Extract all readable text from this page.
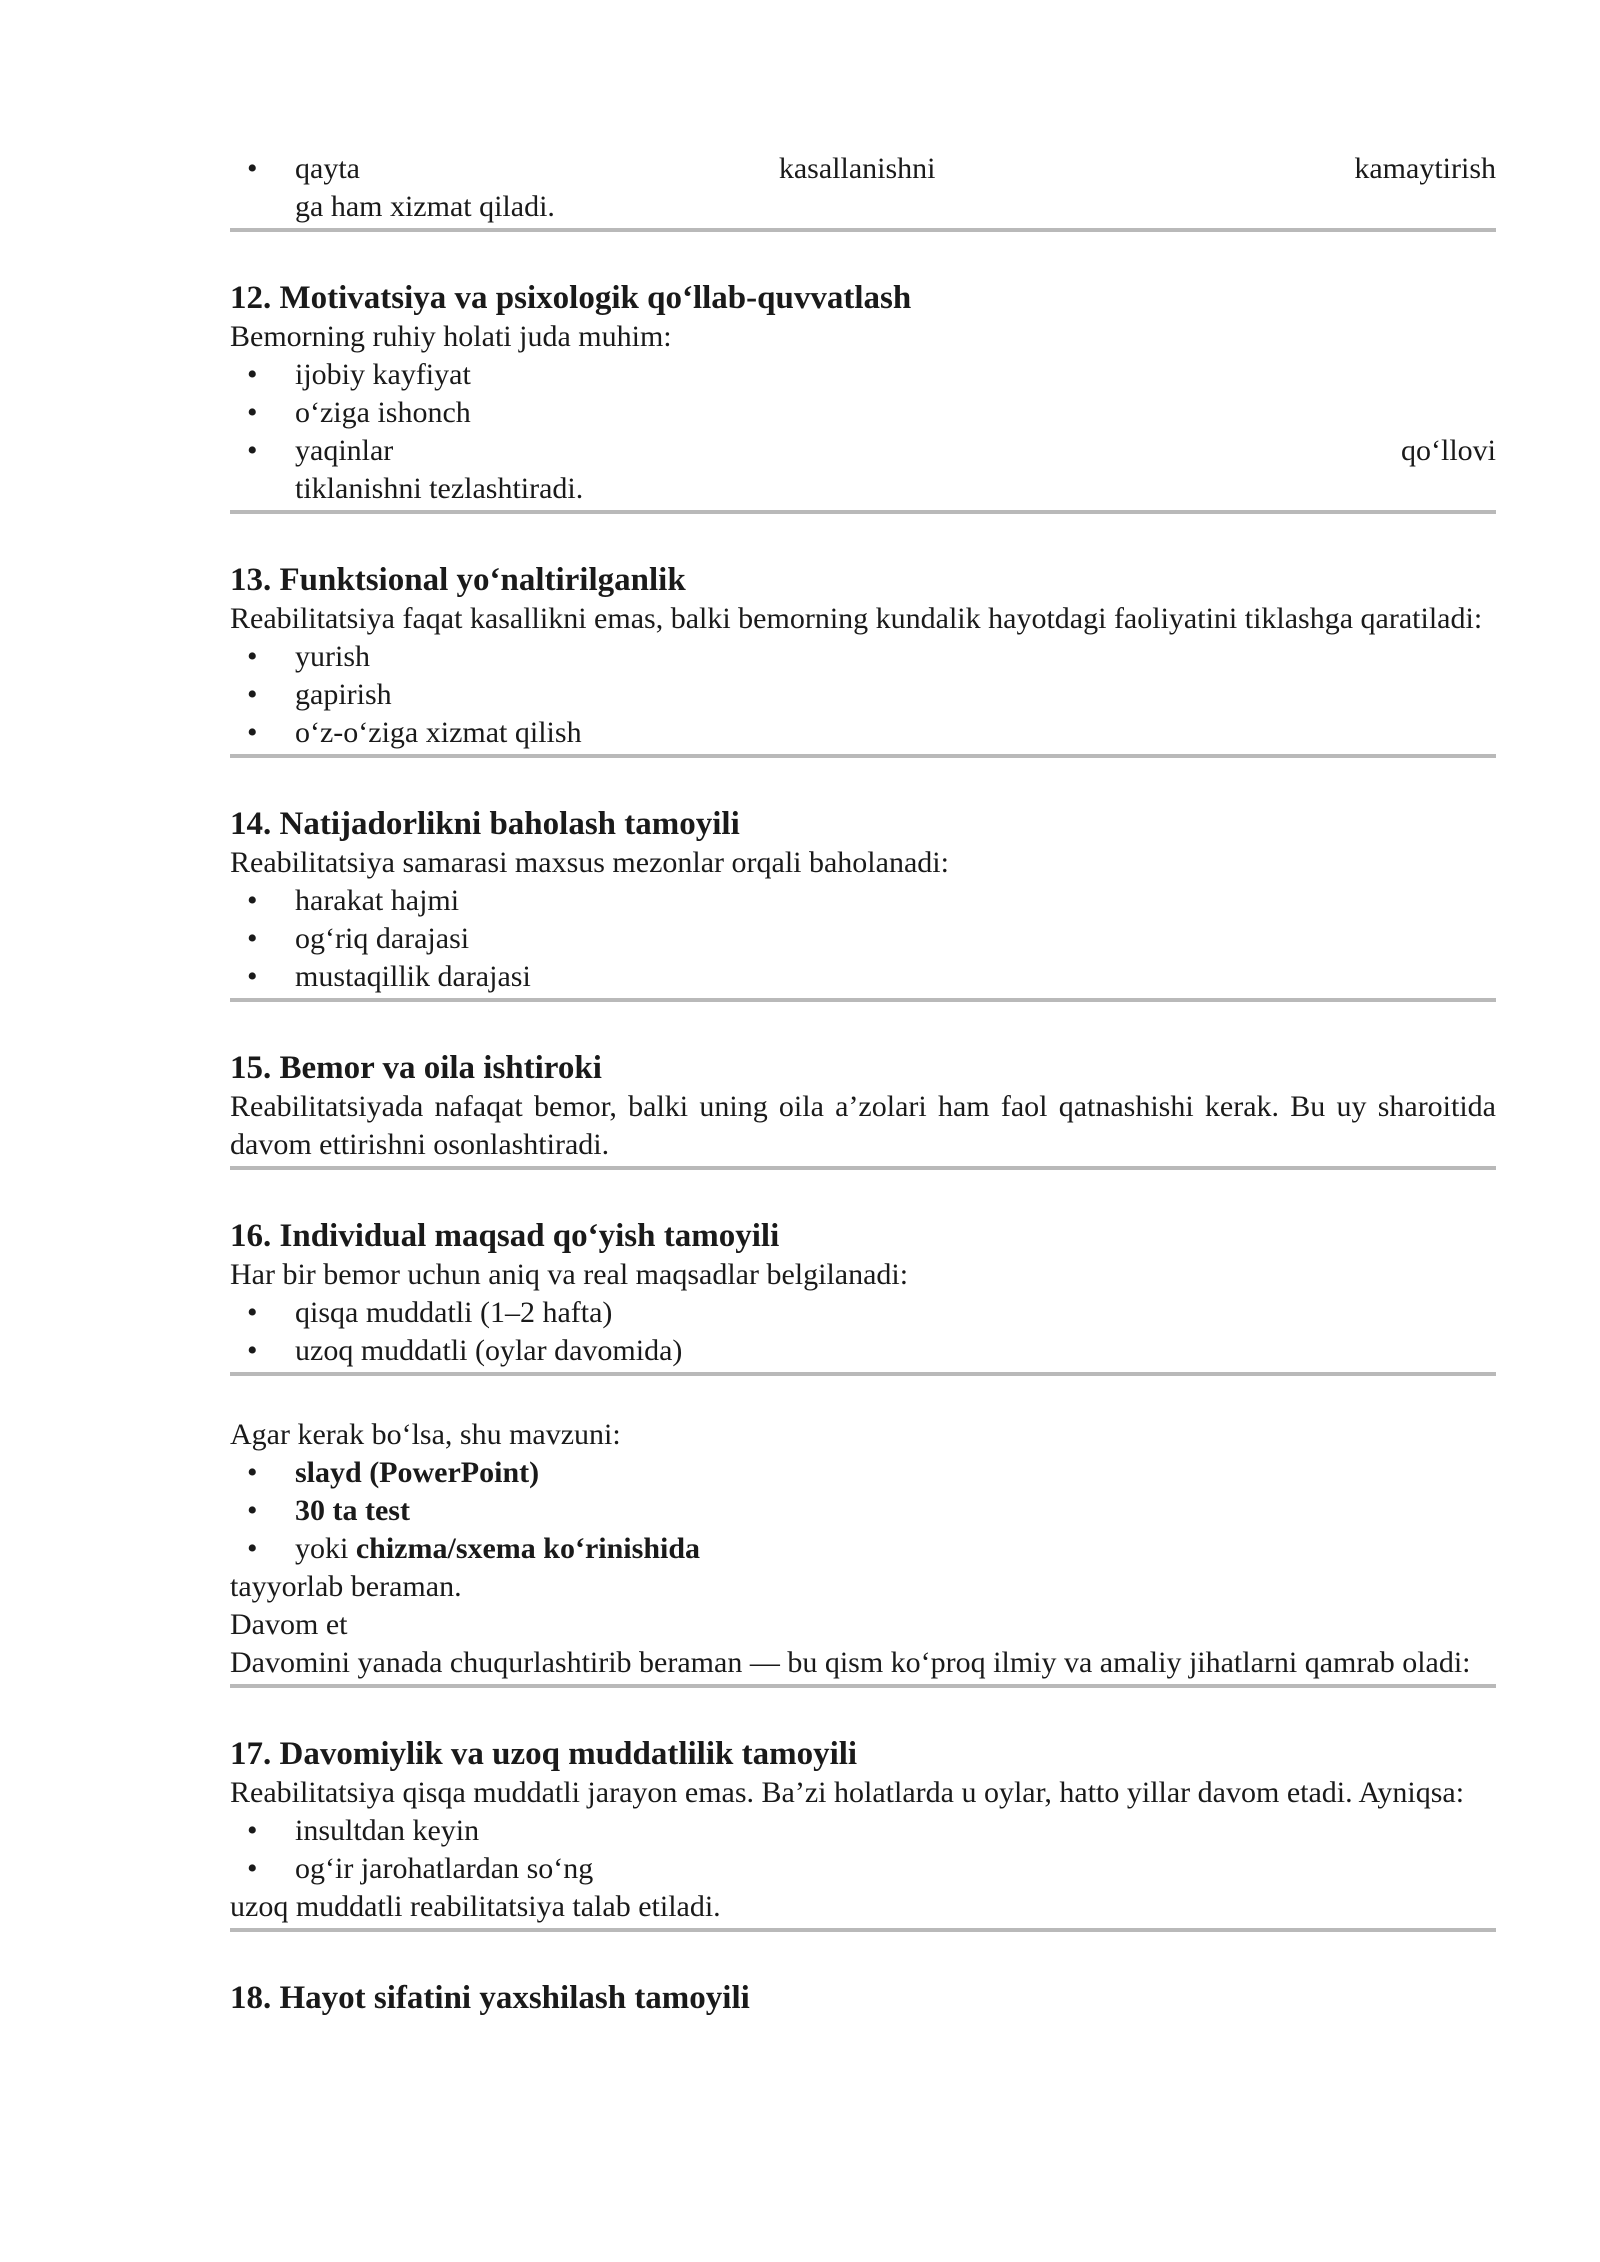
• qayta	kasallanishni	kamaytirish
ga ham xizmat qiladi.
12. Motivatsiya va psixologik qo‘llab-quvvatlash

Bemorning ruhiy holati juda muhim:

• ijobiy kayfiyat
• o‘ziga ishonch
• yaqinlar	qo‘llovi
tiklanishni tezlashtiradi.
13. Funktsional yo‘naltirilganlik

Reabilitatsiya faqat kasallikni emas, balki bemorning kundalik hayotdagi faoliyatini tiklashga qaratiladi:

• yurish
• gapirish
• o‘z-o‘ziga xizmat qilish
14. Natijadorlikni baholash tamoyili

Reabilitatsiya samarasi maxsus mezonlar orqali baholanadi:

• harakat hajmi
• og‘riq darajasi
• mustaqillik darajasi
15. Bemor va oila ishtiroki

Reabilitatsiyada nafaqat bemor, balki uning oila a’zolari ham faol qatnashishi kerak. Bu uy sharoitida davom ettirishni osonlashtiradi.

16. Individual maqsad qo‘yish tamoyili

Har bir bemor uchun aniq va real maqsadlar belgilanadi:

• qisqa muddatli (1–2 hafta)
• uzoq muddatli (oylar davomida)

Agar kerak bo‘lsa, shu mavzuni:

• slayd (PowerPoint)
• 30 ta test
• yoki chizma/sxema ko‘rinishida

tayyorlab beraman.

Davom et

Davomini yanada chuqurlashtirib beraman — bu qism ko‘proq ilmiy va amaliy jihatlarni qamrab oladi:

17. Davomiylik va uzoq muddatlilik tamoyili

Reabilitatsiya qisqa muddatli jarayon emas. Ba’zi holatlarda u oylar, hatto yillar davom etadi. Ayniqsa:

• insultdan keyin
• og‘ir jarohatlardan so‘ng

uzoq muddatli reabilitatsiya talab etiladi.

18. Hayot sifatini yaxshilash tamoyili
